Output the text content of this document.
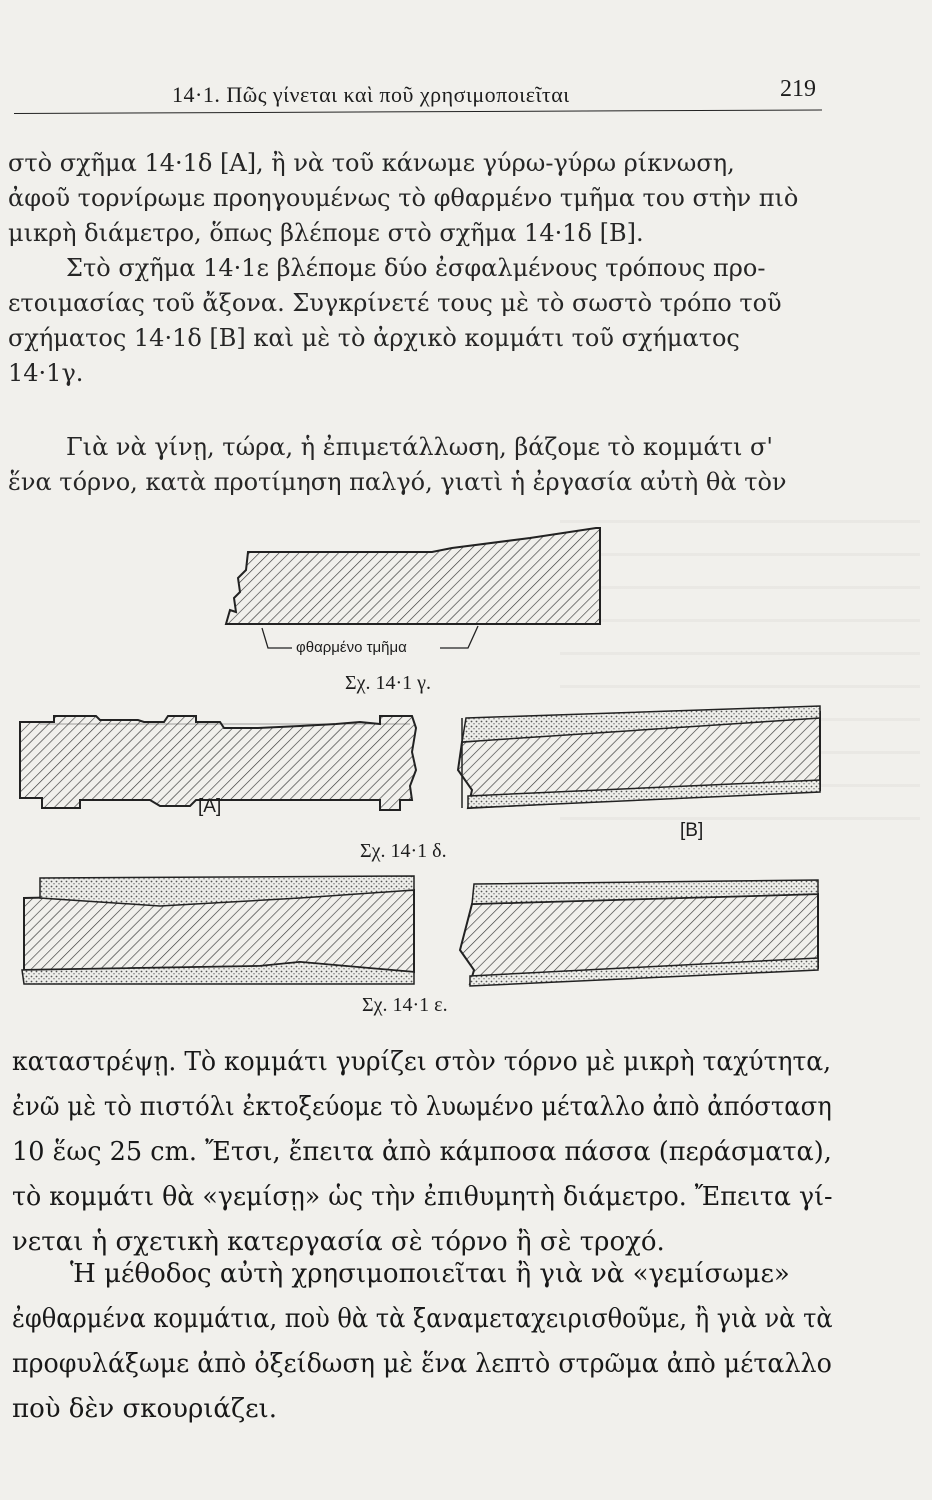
14·1. Πῶς γίνεται καὶ ποῦ χρησιμοποιεῖται	219
στὸ σχῆμα 14·1δ [A], ἢ νὰ τοῦ κάνωμε γύρω-γύρω ρίκνωση,
ἀφοῦ τορνίρωμε προηγουμένως τὸ φθαρμένο τμῆμα του στὴν πιὸ
μικρὴ διάμετρο, ὅπως βλέπομε στὸ σχῆμα 14·1δ [B].
Στὸ σχῆμα 14·1ε βλέπομε δύο ἐσφαλμένους τρόπους προ-
ετοιμασίας τοῦ ἄξονα. Συγκρίνετέ τους μὲ τὸ σωστὸ τρόπο τοῦ
σχήματος 14·1δ [B] καὶ μὲ τὸ ἀρχικὸ κομμάτι τοῦ σχήματος
14·1γ.
Γιὰ νὰ γίνῃ, τώρα, ἡ ἐπιμετάλλωση, βάζομε τὸ κομμάτι σ'
ἕνα τόρνο, κατὰ προτίμηση παλγό, γιατὶ ἡ ἐργασία αὐτὴ θὰ τὸν
φθαρμένο τμῆμα
Σχ. 14·1 γ.
[A]
[B]
Σχ. 14·1 δ.
Σχ. 14·1 ε.
καταστρέψῃ. Τὸ κομμάτι γυρίζει στὸν τόρνο μὲ μικρὴ ταχύτητα,
ἐνῶ μὲ τὸ πιστόλι ἐκτοξεύομε τὸ λυωμένο μέταλλο ἀπὸ ἀπόσταση
10 ἕως 25 cm. Ἔτσι, ἔπειτα ἀπὸ κάμποσα πάσσα (περάσματα),
τὸ κομμάτι θὰ «γεμίσῃ» ὡς τὴν ἐπιθυμητὴ διάμετρο. Ἔπειτα γί-
νεται ἡ σχετικὴ κατεργασία σὲ τόρνο ἢ σὲ τροχό.
Ἡ μέθοδος αὐτὴ χρησιμοποιεῖται ἢ γιὰ νὰ «γεμίσωμε»
ἐφθαρμένα κομμάτια, ποὺ θὰ τὰ ξαναμεταχειρισθοῦμε, ἢ γιὰ νὰ τὰ
προφυλάξωμε ἀπὸ ὀξείδωση μὲ ἕνα λεπτὸ στρῶμα ἀπὸ μέταλλο
ποὺ δὲν σκουριάζει.
